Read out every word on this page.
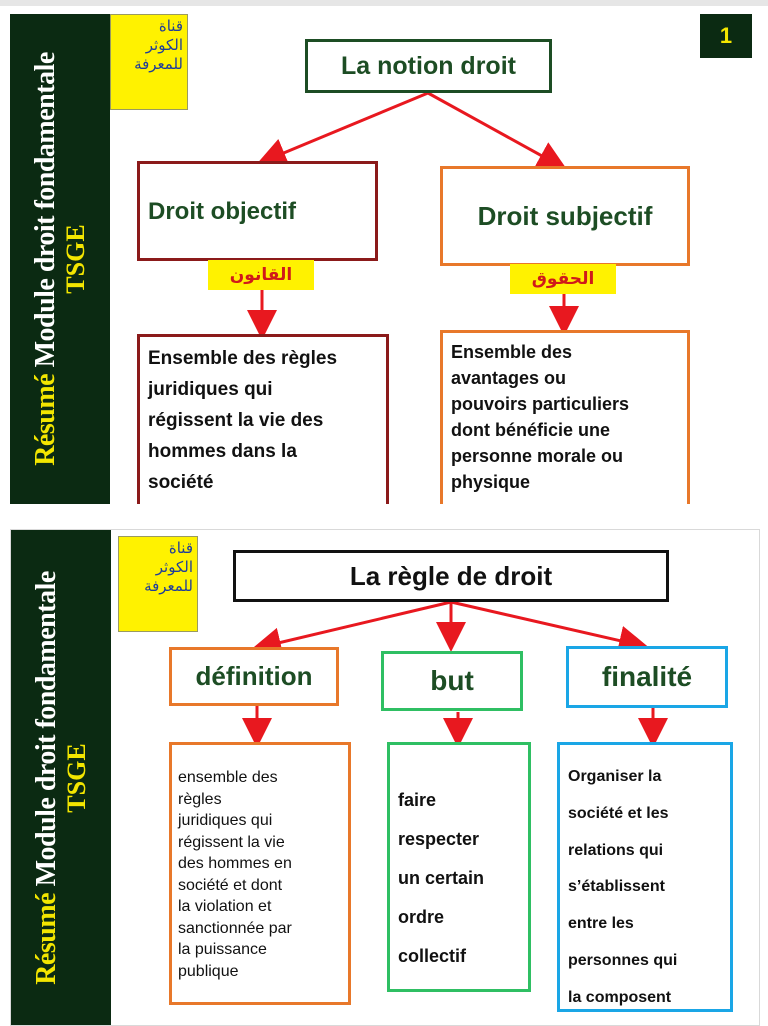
Résumé Module droit fondamentale TSGE
قناة
الكوثر
للمعرفة
1
La notion droit
Droit objectif
القانون
Droit subjectif
الحقوق
Ensemble des règles
juridiques qui
régissent la vie des
hommes dans la
société
Ensemble des
avantages ou
pouvoirs particuliers
dont bénéficie une
personne morale ou
physique
Résumé Module droit fondamentale TSGE
قناة
الكوثر
للمعرفة	La règle de droit
définition	but	finalité
ensemble des
règles
juridiques qui
régissent la vie
des hommes en
société et dont
la violation et
sanctionnée par
la puissance
publique
faire
respecter
un certain
ordre
collectif
Organiser la
société et les
relations qui
s’établissent
entre les
personnes qui
la composent
